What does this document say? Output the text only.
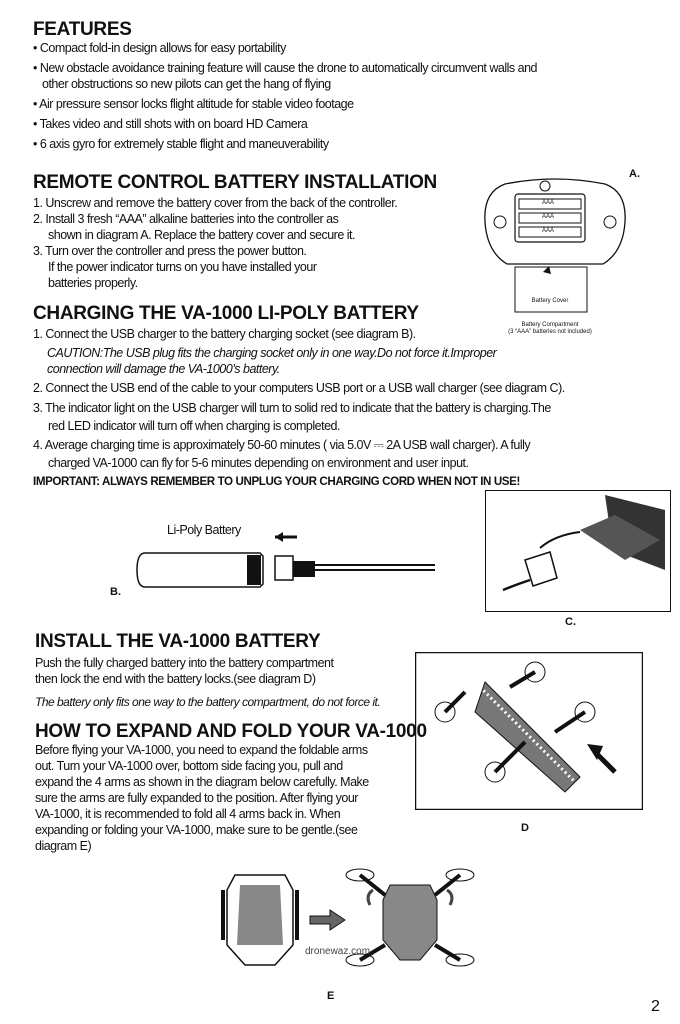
FEATURES
• Compact fold-in design allows for easy portability
• New obstacle avoidance training feature will cause the drone to automatically circumvent walls and
other obstructions so new pilots can get the hang of flying
• Air pressure sensor locks flight altitude for stable video footage
• Takes video and still shots with on board HD Camera
• 6 axis gyro for extremely stable flight and maneuverability
REMOTE CONTROL BATTERY INSTALLATION
1. Unscrew and remove the battery cover from the back of the controller.
2. Install 3 fresh “AAA” alkaline batteries into the controller as
shown in diagram A. Replace the battery cover and secure it.
3. Turn over the controller and press the power button.
If the power indicator turns on you have installed your
batteries properly.
A.
AAA
AAA
AAA
Battery Cover
Battery Compartment
(3 “AAA” batteries not included)
CHARGING THE VA-1000 LI-POLY BATTERY
1. Connect the USB charger to the battery charging socket (see diagram B).
CAUTION:The USB plug fits the charging socket only in one way.Do not force it.Improper
connection will damage the VA-1000’s battery.
2. Connect the USB end of the cable to your computers USB port or a USB wall charger (see diagram C).
3. The indicator light on the USB charger will turn to solid red to indicate that the battery is charging.The
red LED indicator will turn off when charging is completed.
4. Average charging time is approximately 50-60 minutes ( via 5.0V ⎓ 2A USB wall charger). A fully
charged VA-1000 can fly for 5-6 minutes depending on environment and user input.
IMPORTANT: ALWAYS REMEMBER TO UNPLUG YOUR CHARGING CORD WHEN NOT IN USE!
Li-Poly Battery
B.
C.
INSTALL THE VA-1000 BATTERY
Push the fully charged battery into the battery compartment
then lock the end with the battery locks.(see diagram D)
The battery only fits one way to the battery compartment, do not force it.
D
HOW TO EXPAND AND FOLD YOUR VA-1000
Before flying your VA-1000, you need to expand the foldable arms
out. Turn your VA-1000 over, bottom side facing you, pull and
expand the 4 arms as shown in the diagram below carefully. Make
sure the arms are fully expanded to the position. After flying your
VA-1000, it is recommended to fold all 4 arms back in. When
expanding or folding your VA-1000, make sure to be gentle.(see
diagram E)
dronewaz.com
E
2
